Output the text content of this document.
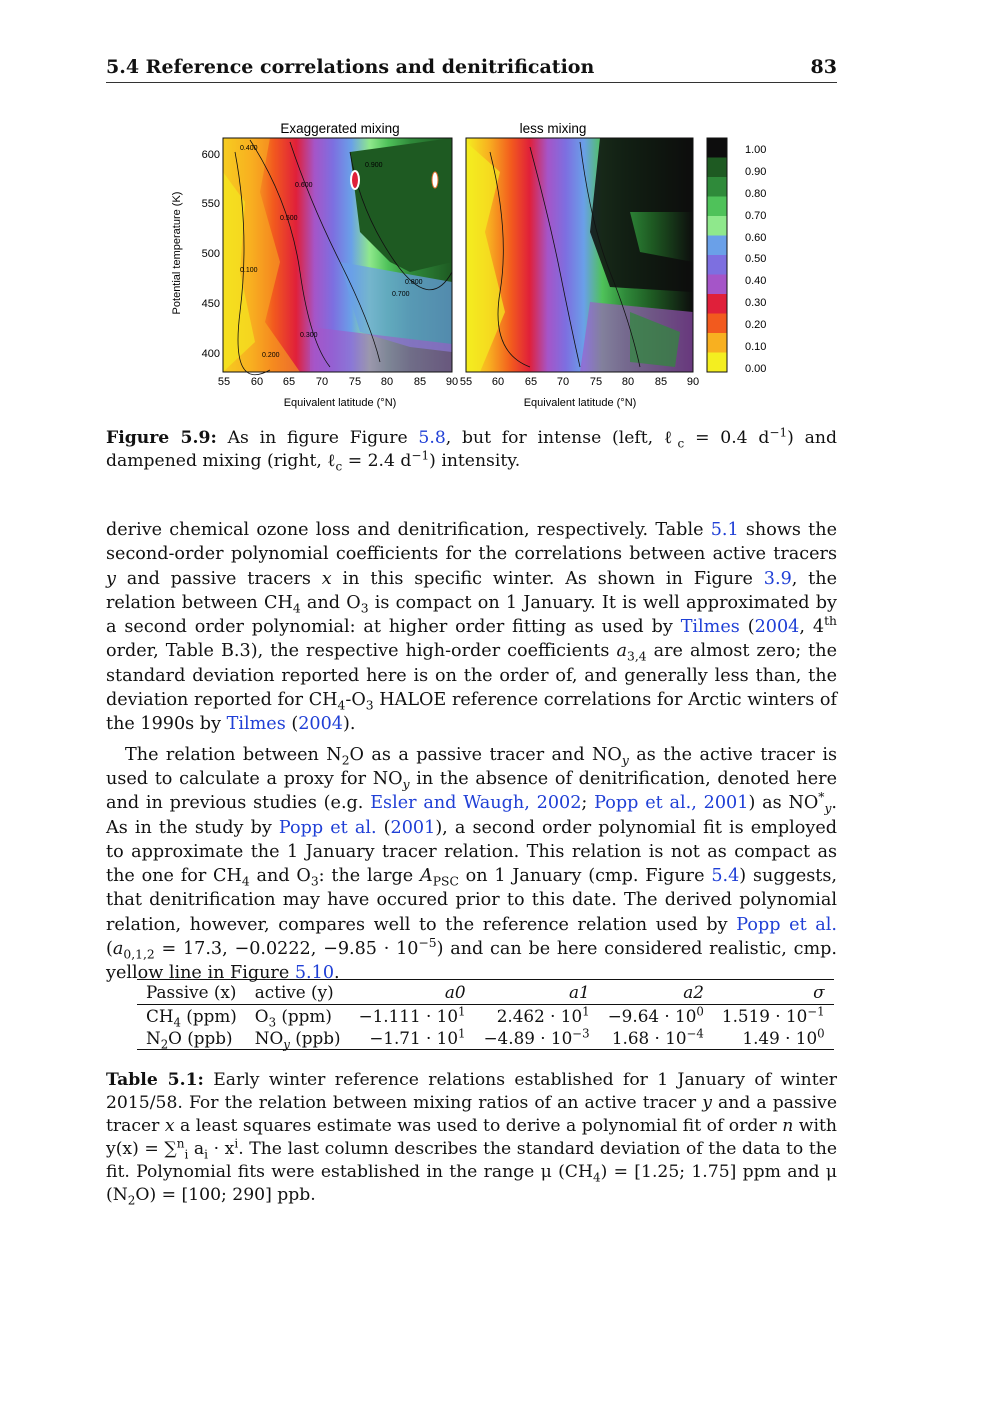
5.4 Reference correlations and denitrification	83
Exaggerated mixing	less mixing
Potential temperature (K)
0.400
0.900
0.600
0.500
0.800
0.700
0.300
0.200
0.100
600
550
500
450
400
55 60 65 70 75 80 85 90 55 60 65 70 75 80 85 90
Equivalent latitude (°N)	Equivalent latitude (°N)
1.00
0.90
0.80
0.70
0.60
0.50
0.40
0.30
0.20
0.10
0.00
Figure 5.9: As in figure Figure 5.8, but for intense (left, ℓ$_c$ = 0.4 $d^{-1}$) and dampened mixing (right, ℓ$_c$ = 2.4 $d^{-1}$) intensity.

derive chemical ozone loss and denitrification, respectively. Table 5.1 shows the second-order polynomial coefficients for the correlations between active tracers y and passive tracers x in this specific winter. As shown in Figure 3.9, the relation between $CH_4$ and $O_3$ is compact on 1 January. It is well approximated by a second order polynomial: at higher order fitting as used by Tilmes (2004, 4th order, Table B.3), the respective high-order coefficients $a_{3,4}$ are almost zero; the standard deviation reported here is on the order of, and generally less than, the deviation reported for $CH_4-O_3$ HALOE reference correlations for Arctic winters of the 1990s by Tilmes (2004).

The relation between $N_2O$ as a passive tracer and $NO_y$ as the active tracer is used to calculate a proxy for $NO_y$ in the absence of denitrification, denoted here and in previous studies (e.g. Esler and Waugh, 2002; Popp et al., 2001) as $NO^*_y$. As in the study by Popp et al. (2001), a second order polynomial fit is employed to approximate the 1 January tracer relation. This relation is not as compact as the one for $CH_4$ and $O_3$: the large $A_{PSC}$ on 1 January (cmp. Figure 5.4) suggests, that denitrification may have occured prior to this date. The derived polynomial relation, however, compares well to the reference relation used by Popp et al. ($a_{0,1,2} = 17.3$, −0.0222, $-9.85 \cdot 10^{-5}$) and can be here considered realistic, cmp. yellow line in Figure 5.10.

Passive (x)	active (y)	a0	a1	a2	σ
$CH_4$ (ppm)	$O_3$ (ppm)	$-1.111 \cdot 10^1$	$2.462 \cdot 10^1$	$-9.64 \cdot 10^0$	$1.519 \cdot 10^{-1}$
$N_2O$ (ppb)	$NO_y$ (ppb)	$-1.71 \cdot 10^1$	$-4.89 \cdot 10^{-3}$	$1.68 \cdot 10^{-4}$	$1.49 \cdot 10^0$
Table 5.1: Early winter reference relations established for 1 January of winter 2015/58. For the relation between mixing ratios of an active tracer y and a passive tracer x a least squares estimate was used to derive a polynomial fit of order n with y(x) = ∑$^n_i$ $a_i \cdot x^i$. The last column describes the standard deviation of the data to the fit. Polynomial fits were established in the range μ $(CH_4) = [1.25$; 1.75] ppm and μ $(N_2O) = [100$; 290] ppb.
